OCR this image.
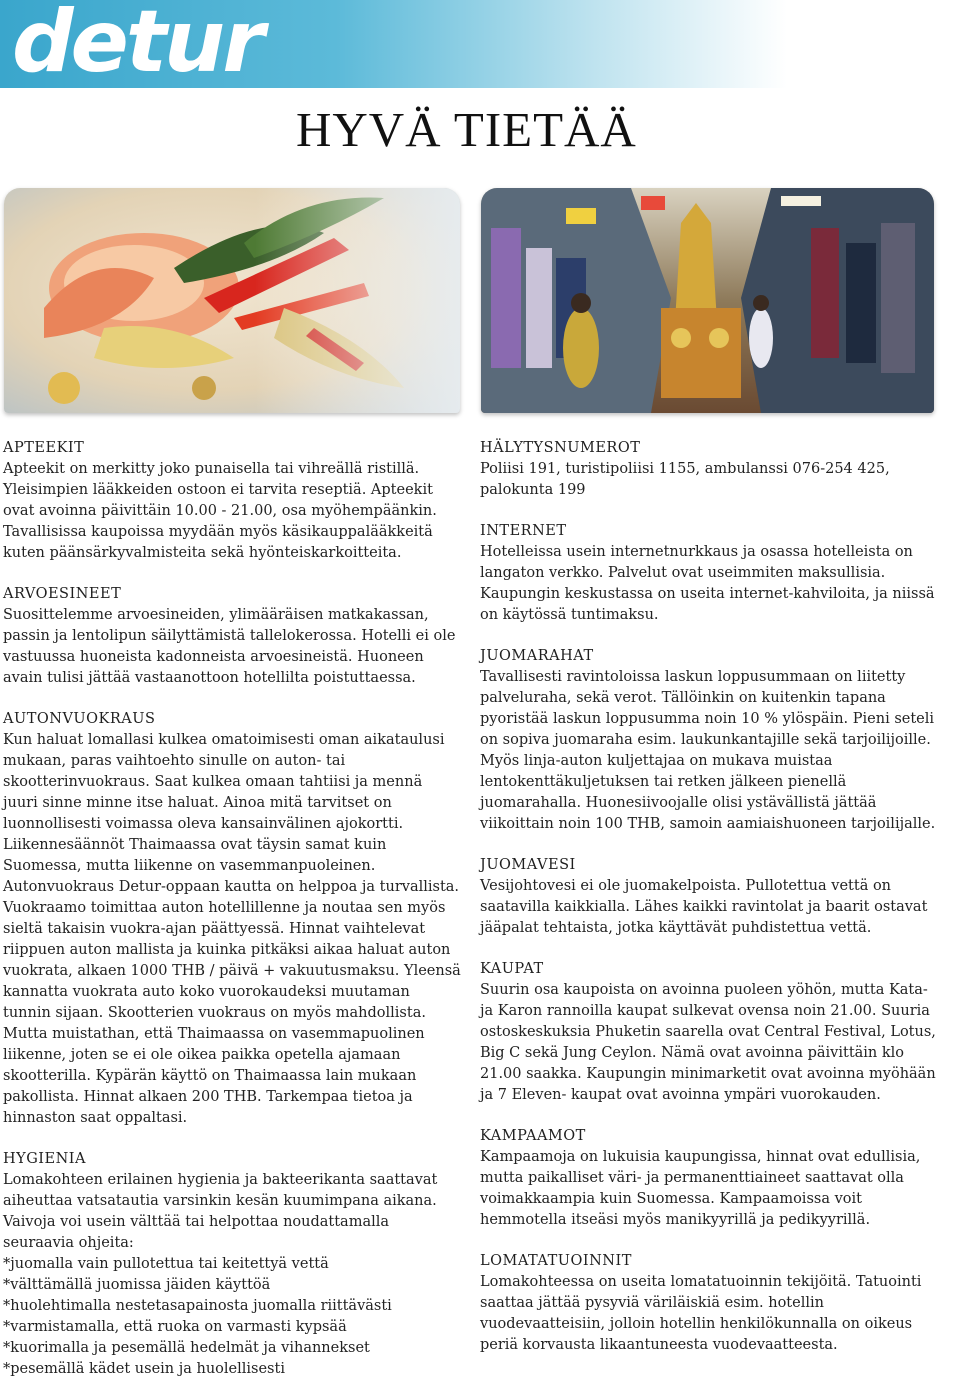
detur
HYVÄ TIETÄÄ
APTEEKIT

Apteekit on merkitty joko punaisella tai vihreällä ristillä. Yleisimpien lääkkeiden ostoon ei tarvita reseptiä. Apteekit ovat avoinna päivittäin 10.00 - 21.00, osa myöhempäänkin. Tavallisissa kaupoissa myydään myös käsikauppalääkkeitä kuten päänsärkyvalmisteita sekä hyönteiskarkoitteita.

ARVOESINEET

Suosittelemme arvoesineiden, ylimääräisen matkakassan, passin ja lentolipun säilyttämistä tallelokerossa. Hotelli ei ole vastuussa huoneista kadonneista arvoesineistä. Huoneen avain tulisi jättää vastaanottoon hotellilta poistuttaessa.

AUTONVUOKRAUS

Kun haluat lomallasi kulkea omatoimisesti oman aikataulusi mukaan, paras vaihtoehto sinulle on auton- tai skootterinvuokraus. Saat kulkea omaan tahtiisi ja mennä juuri sinne minne itse haluat. Ainoa mitä tarvitset on luonnollisesti voimassa oleva kansainvälinen ajokortti. Liikennesäännöt Thaimaassa ovat täysin samat kuin Suomessa, mutta liikenne on vasemmanpuoleinen.

Autonvuokraus Detur-oppaan kautta on helppoa ja turvallista. Vuokraamo toimittaa auton hotellillenne ja noutaa sen myös sieltä takaisin vuokra-ajan päättyessä. Hinnat vaihtelevat riippuen auton mallista ja kuinka pitkäksi aikaa haluat auton vuokrata, alkaen 1000 THB / päivä + vakuutusmaksu. Yleensä kannatta vuokrata auto koko vuorokaudeksi muutaman tunnin sijaan. Skootterien vuokraus on myös mahdollista. Mutta muistathan, että Thaimaassa on vasemmapuolinen liikenne, joten se ei ole oikea paikka opetella ajamaan skootterilla. Kypärän käyttö on Thaimaassa lain mukaan pakollista. Hinnat alkaen 200 THB. Tarkempaa tietoa ja hinnaston saat oppaltasi.

HYGIENIA

Lomakohteen erilainen hygienia ja bakteerikanta saattavat aiheuttaa vatsatautia varsinkin kesän kuumimpana aikana. Vaivoja voi usein välttää tai helpottaa noudattamalla seuraavia ohjeita:

*juomalla vain pullotettua tai keitettyä vettä

*välttämällä juomissa jäiden käyttöä

*huolehtimalla nestetasapainosta juomalla riittävästi

*varmistamalla, että ruoka on varmasti kypsää

*kuorimalla ja pesemällä hedelmät ja vihannekset

*pesemällä kädet usein ja huolellisesti

HÄLYTYSNUMEROT

Poliisi 191, turistipoliisi 1155, ambulanssi 076-254 425, palokunta 199

INTERNET

Hotelleissa usein internetnurkkaus ja osassa hotelleista on langaton verkko. Palvelut ovat useimmiten maksullisia. Kaupungin keskustassa on useita internet-kahviloita, ja niissä on käytössä tuntimaksu.

JUOMARAHAT

Tavallisesti ravintoloissa laskun loppusummaan on liitetty palveluraha, sekä verot. Tällöinkin on kuitenkin tapana pyoristää laskun loppusumma noin 10 % ylöspäin. Pieni seteli on sopiva juomaraha esim. laukunkantajille sekä tarjoilijoille. Myös linja-auton kuljettajaa on mukava muistaa lentokenttäkuljetuksen tai retken jälkeen pienellä juomarahalla. Huonesiivoojalle olisi ystävällistä jättää viikoittain noin 100 THB, samoin aamiaishuoneen tarjoilijalle.

JUOMAVESI

Vesijohtovesi ei ole juomakelpoista. Pullotettua vettä on saatavilla kaikkialla. Lähes kaikki ravintolat ja baarit ostavat jääpalat tehtaista, jotka käyttävät puhdistettua vettä.

KAUPAT

Suurin osa kaupoista on avoinna puoleen yöhön, mutta Kata- ja Karon rannoilla kaupat sulkevat ovensa noin 21.00. Suuria ostoskeskuksia Phuketin saarella ovat Central Festival, Lotus, Big C sekä Jung Ceylon. Nämä ovat avoinna päivittäin klo 21.00 saakka. Kaupungin minimarketit ovat avoinna myöhään ja 7 Eleven- kaupat ovat avoinna ympäri vuorokauden.

KAMPAAMOT

Kampaamoja on lukuisia kaupungissa, hinnat ovat edullisia, mutta paikalliset väri- ja permanenttiaineet saattavat olla voimakkaampia kuin Suomessa. Kampaamoissa voit hemmotella itseäsi myös manikyyrillä ja pedikyyrillä.

LOMATATUOINNIT

Lomakohteessa on useita lomatatuoinnin tekijöitä. Tatuointi saattaa jättää pysyviä väriläiskiä esim. hotellin vuodevaatteisiin, jolloin hotellin henkilökunnalla on oikeus periä korvausta likaantuneesta vuodevaatteesta.
